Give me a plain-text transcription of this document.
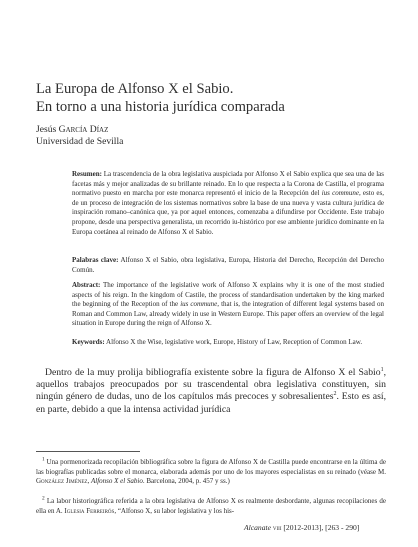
La Europa de Alfonso X el Sabio.
En torno a una historia jurídica comparada
Jesús García Díaz
Universidad de Sevilla

Resumen: La trascendencia de la obra legislativa auspiciada por Alfonso X el Sabio explica que sea una de las facetas más y mejor analizadas de su brillante reinado. En lo que respecta a la Corona de Castilla, el programa normativo puesto en marcha por este monarca representó el inicio de la Recepción del ius commune, esto es, de un proceso de integración de los sistemas normativos sobre la base de una nueva y vasta cultura jurídica de inspiración romano–canónica que, ya por aquel entonces, comenzaba a difundirse por Occidente. Este trabajo propone, desde una perspectiva generalista, un recorrido iu-histórico por ese ambiente jurídico dominante en la Europa coetánea al reinado de Alfonso X el Sabio.

Palabras clave: Alfonso X el Sabio, obra legislativa, Europa, Historia del Derecho, Recepción del Derecho Común.

Abstract: The importance of the legislative work of Alfonso X explains why it is one of the most studied aspects of his reign. In the kingdom of Castile, the process of standardisation undertaken by the king marked the beginning of the Reception of the ius commune, that is, the integration of different legal systems based on Roman and Common Law, already widely in use in Western Europe. This paper offers an overview of the legal situation in Europe during the reign of Alfonso X.

Keywords: Alfonso X the Wise, legislative work, Europe, History of Law, Reception of Common Law.

Dentro de la muy prolija bibliografía existente sobre la figura de Alfonso X el Sabio$^1$, aquellos trabajos preocupados por su trascendental obra legislativa constituyen, sin ningún género de dudas, uno de los capítulos más precoces y sobresalientes$^2$. Esto es así, en parte, debido a que la intensa actividad jurídica

$^1$ Una pormenorizada recopilación bibliográfica sobre la figura de Alfonso X de Castilla puede encontrarse en la última de las biografías publicadas sobre el monarca, elaborada además por uno de los mayores especialistas en su reinado (véase M. González Jiménez, Alfonso X el Sabio. Barcelona, 2004, p. 457 y ss.)

$^2$ La labor historiográfica referida a la obra legislativa de Alfonso X es realmente desbordante, algunas recopilaciones de ella en A. Iglesia Ferreirós, “Alfonso X, su labor legislativa y los his-

Alcanate viii [2012-2013], [263 - 290]
